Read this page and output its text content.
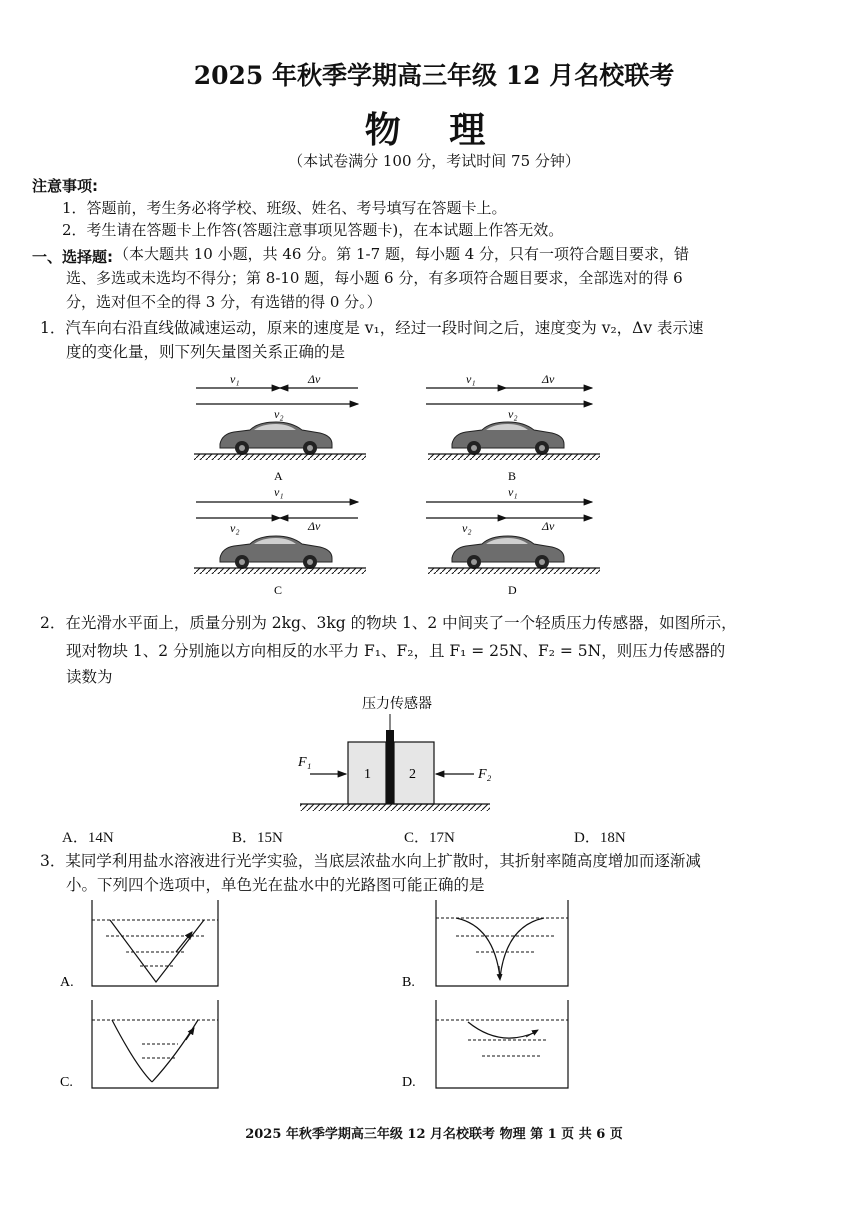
2025 年秋季学期高三年级 12 月名校联考
物 理
（本试卷满分 100 分，考试时间 75 分钟）
注意事项:
1．答题前，考生务必将学校、班级、姓名、考号填写在答题卡上。
2．考生请在答题卡上作答(答题注意事项见答题卡)，在本试题上作答无效。
一、选择题: （本大题共 10 小题，共 46 分。第 1-7 题，每小题 4 分，只有一项符合题目要求，错
选、多选或未选均不得分；第 8-10 题，每小题 6 分，有多项符合题目要求，全部选对的得 6
分，选对但不全的得 3 分，有选错的得 0 分。）
1．汽车向右沿直线做减速运动，原来的速度是 v₁，经过一段时间之后，速度变为 v₂，Δv 表示速
度的变化量，则下列矢量图关系正确的是
v₁	Δv
v₂
A
v₁	Δv
v₂
B
v₁
v₂	Δv
C
v₁
v₂	Δv
D
2．在光滑水平面上，质量分别为 2kg、3kg 的物块 1、2 中间夹了一个轻质压力传感器，如图所示，
现对物块 1、2 分别施以方向相反的水平力 F₁、F₂，且 F₁ = 25N、F₂ = 5N，则压力传感器的
读数为
压力传感器
1	2
F₁
F₂
A．14N	B．15N	C．17N	D．18N
3．某同学利用盐水溶液进行光学实验，当底层浓盐水向上扩散时，其折射率随高度增加而逐渐减
小。下列四个选项中，单色光在盐水中的光路图可能正确的是
A.	B.
C.	D.
2025 年秋季学期高三年级 12 月名校联考 物理 第 1 页 共 6 页
